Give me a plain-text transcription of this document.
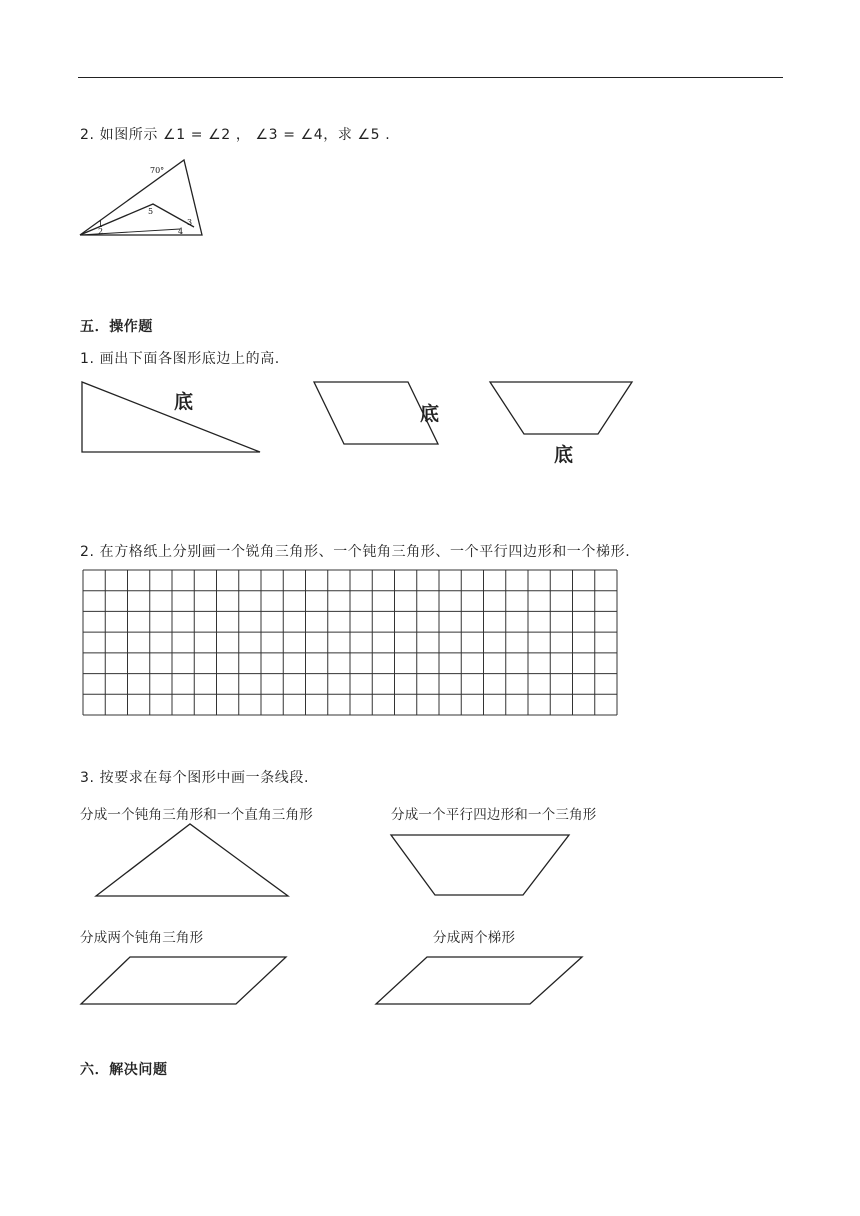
2. 如图所示 ∠1 = ∠2 ， ∠3 = ∠4，求 ∠5 .
70°
1
2
3
4
5
五．操作题
1. 画出下面各图形底边上的高.
底
底
底
2. 在方格纸上分别画一个锐角三角形、一个钝角三角形、一个平行四边形和一个梯形.
3. 按要求在每个图形中画一条线段.
分成一个钝角三角形和一个直角三角形	分成一个平行四边形和一个三角形
分成两个钝角三角形	分成两个梯形
六．解决问题
